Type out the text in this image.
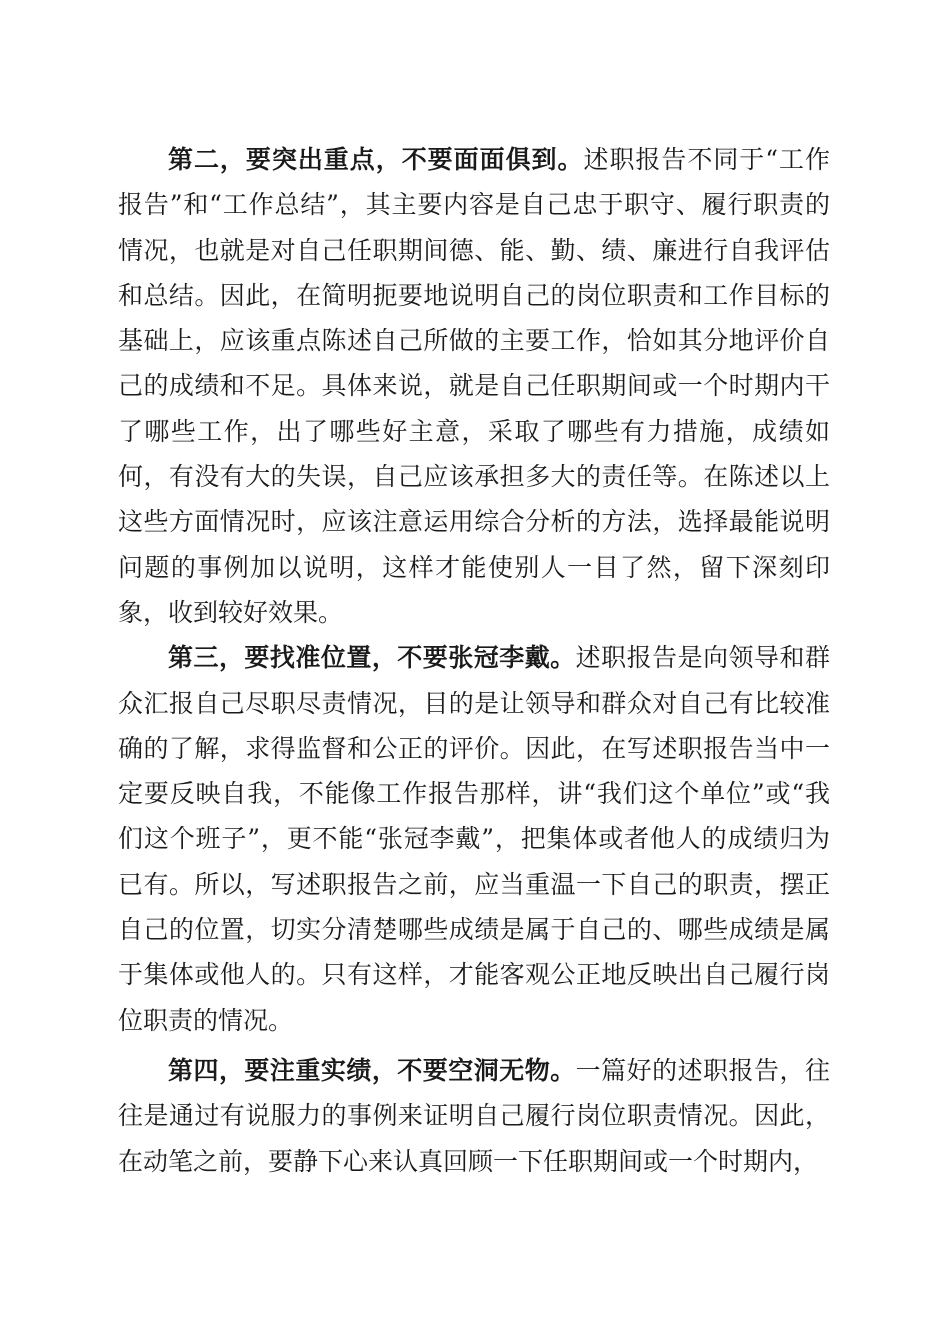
第二，要突出重点，不要面面俱到。述职报告不同于“工作报告”和“工作总结”，其主要内容是自己忠于职守、履行职责的情况，也就是对自己任职期间德、能、勤、绩、廉进行自我评估和总结。因此，在简明扼要地说明自己的岗位职责和工作目标的基础上，应该重点陈述自己所做的主要工作，恰如其分地评价自己的成绩和不足。具体来说，就是自己任职期间或一个时期内干了哪些工作，出了哪些好主意，采取了哪些有力措施，成绩如何，有没有大的失误，自己应该承担多大的责任等。在陈述以上这些方面情况时，应该注意运用综合分析的方法，选择最能说明问题的事例加以说明，这样才能使别人一目了然，留下深刻印象，收到较好效果。

第三，要找准位置，不要张冠李戴。述职报告是向领导和群众汇报自己尽职尽责情况，目的是让领导和群众对自己有比较准确的了解，求得监督和公正的评价。因此，在写述职报告当中一定要反映自我，不能像工作报告那样，讲“我们这个单位”或“我们这个班子”，更不能“张冠李戴”，把集体或者他人的成绩归为已有。所以，写述职报告之前，应当重温一下自己的职责，摆正自己的位置，切实分清楚哪些成绩是属于自己的、哪些成绩是属于集体或他人的。只有这样，才能客观公正地反映出自己履行岗位职责的情况。

第四，要注重实绩，不要空洞无物。一篇好的述职报告，往往是通过有说服力的事例来证明自己履行岗位职责情况。因此，在动笔之前，要静下心来认真回顾一下任职期间或一个时期内，
